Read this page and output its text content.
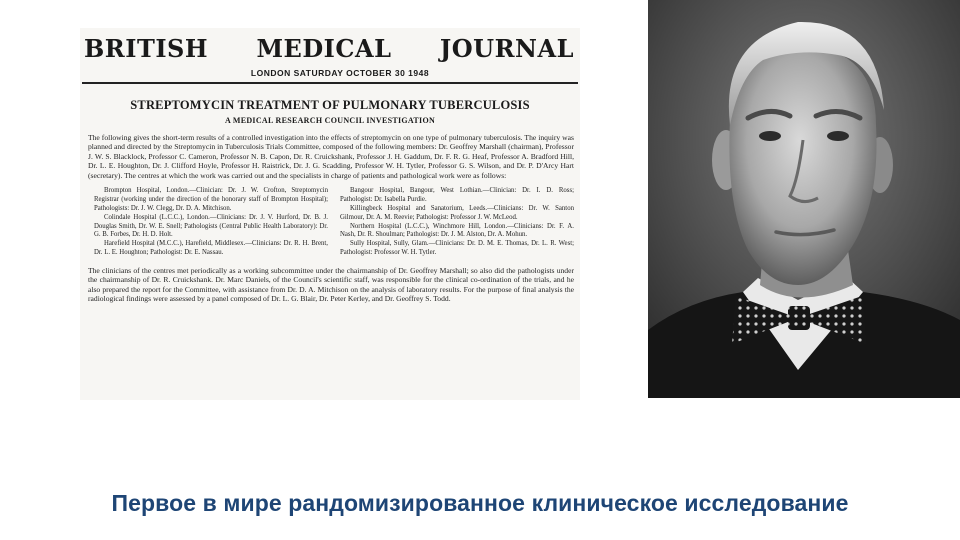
BRITISH MEDICAL JOURNAL
LONDON SATURDAY OCTOBER 30 1948
STREPTOMYCIN TREATMENT OF PULMONARY TUBERCULOSIS
A MEDICAL RESEARCH COUNCIL INVESTIGATION
The following gives the short-term results of a controlled investigation into the effects of streptomycin on one type of pulmonary tuberculosis. The inquiry was planned and directed by the Streptomycin in Tuberculosis Trials Committee, composed of the following members: Dr. Geoffrey Marshall (chairman), Professor J. W. S. Blacklock, Professor C. Cameron, Professor N. B. Capon, Dr. R. Cruickshank, Professor J. H. Gaddum, Dr. F. R. G. Heaf, Professor A. Bradford Hill, Dr. L. E. Houghton, Dr. J. Clifford Hoyle, Professor H. Raistrick, Dr. J. G. Scadding, Professor W. H. Tytler, Professor G. S. Wilson, and Dr. P. D'Arcy Hart (secretary). The centres at which the work was carried out and the specialists in charge of patients and pathological work were as follows:

Brompton Hospital, London.—Clinician: Dr. J. W. Crofton, Streptomycin Registrar (working under the direction of the honorary staff of Brompton Hospital); Pathologists: Dr. J. W. Clegg, Dr. D. A. Mitchison.

Colindale Hospital (L.C.C.), London.—Clinicians: Dr. J. V. Hurford, Dr. B. J. Douglas Smith, Dr. W. E. Snell; Pathologists (Central Public Health Laboratory): Dr. G. B. Forbes, Dr. H. D. Holt.

Harefield Hospital (M.C.C.), Harefield, Middlesex.—Clinicians: Dr. R. H. Brent, Dr. L. E. Houghton; Pathologist: Dr. E. Nassau.

Bangour Hospital, Bangour, West Lothian.—Clinician: Dr. I. D. Ross; Pathologist: Dr. Isabella Purdie.

Killingbeck Hospital and Sanatorium, Leeds.—Clinicians: Dr. W. Santon Gilmour, Dr. A. M. Reevie; Pathologist: Professor J. W. McLeod.

Northern Hospital (L.C.C.), Winchmore Hill, London.—Clinicians: Dr. F. A. Nash, Dr. R. Shoulman; Pathologist: Dr. J. M. Alston, Dr. A. Mohun.

Sully Hospital, Sully, Glam.—Clinicians: Dr. D. M. E. Thomas, Dr. L. R. West; Pathologist: Professor W. H. Tytler.

The clinicians of the centres met periodically as a working subcommittee under the chairmanship of Dr. Geoffrey Marshall; so also did the pathologists under the chairmanship of Dr. R. Cruickshank. Dr. Marc Daniels, of the Council's scientific staff, was responsible for the clinical co-ordination of the trials, and he also prepared the report for the Committee, with assistance from Dr. D. A. Mitchison on the analysis of laboratory results. For the purpose of final analysis the radiological findings were assessed by a panel composed of Dr. L. G. Blair, Dr. Peter Kerley, and Dr. Geoffrey S. Todd.
Первое в мире рандомизированное клиническое исследование
